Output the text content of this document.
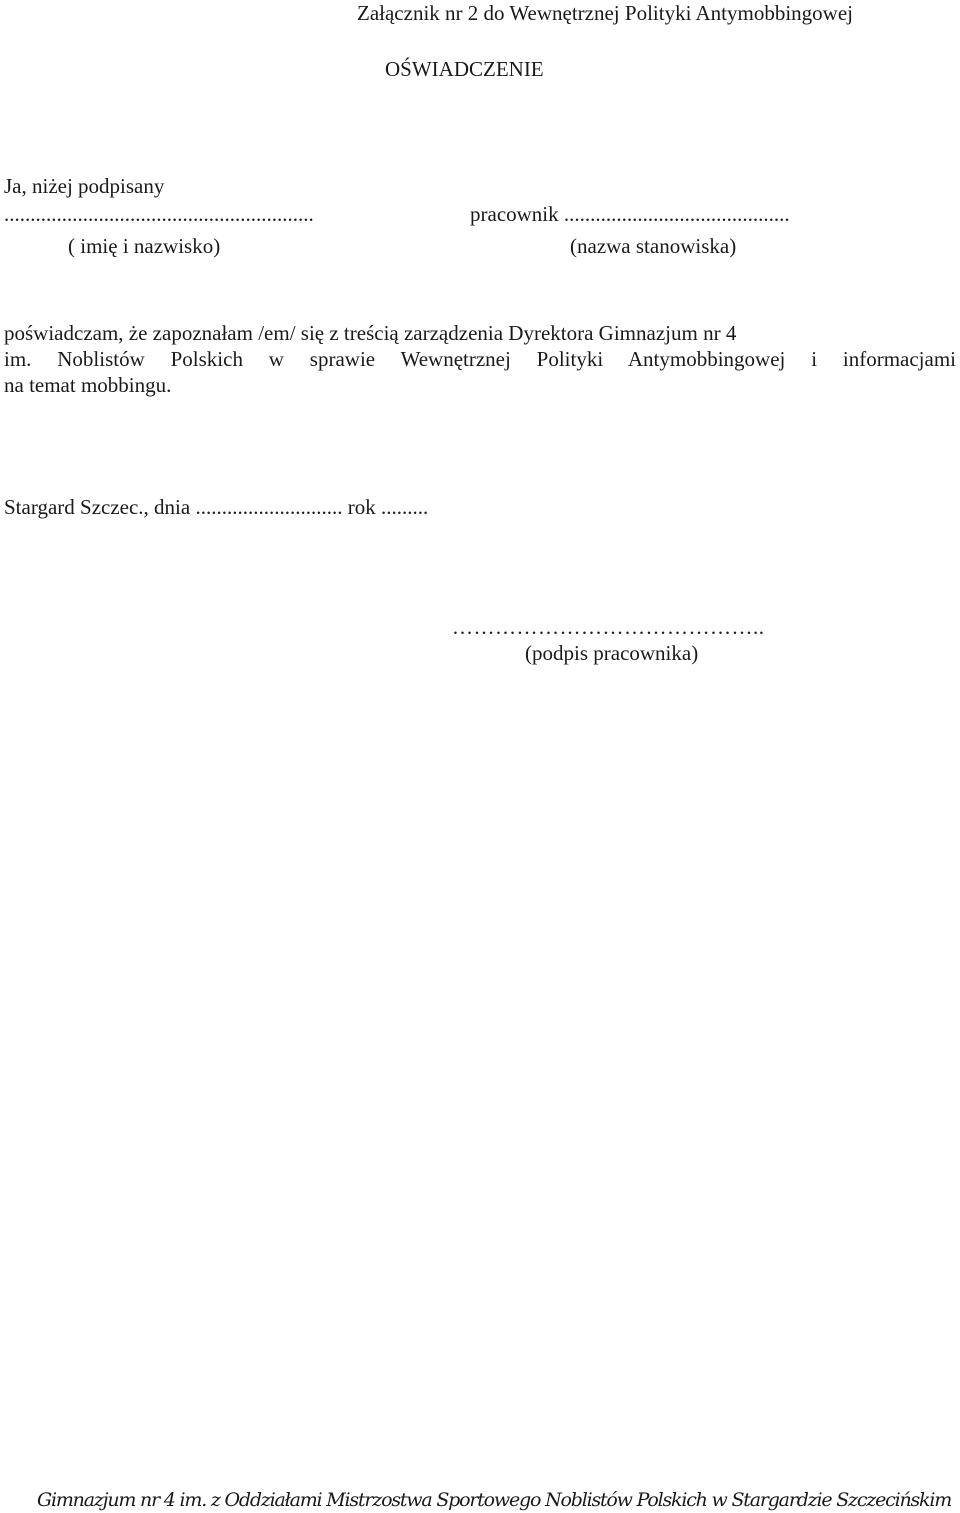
Załącznik nr 2 do Wewnętrznej Polityki Antymobbingowej
OŚWIADCZENIE
Ja, niżej podpisany
...........................................................	pracownik ...........................................
( imię i nazwisko)	(nazwa stanowiska)
poświadczam, że zapoznałam /em/ się z treścią zarządzenia Dyrektora Gimnazjum nr 4
im. Noblistów Polskich w sprawie Wewnętrznej Polityki Antymobbingowej i informacjami
na temat mobbingu.
Stargard Szczec., dnia ............................ rok .........
……………………………………..
(podpis pracownika)
Gimnazjum nr 4 im. z Oddziałami Mistrzostwa Sportowego Noblistów Polskich w Stargardzie Szczecińskim
